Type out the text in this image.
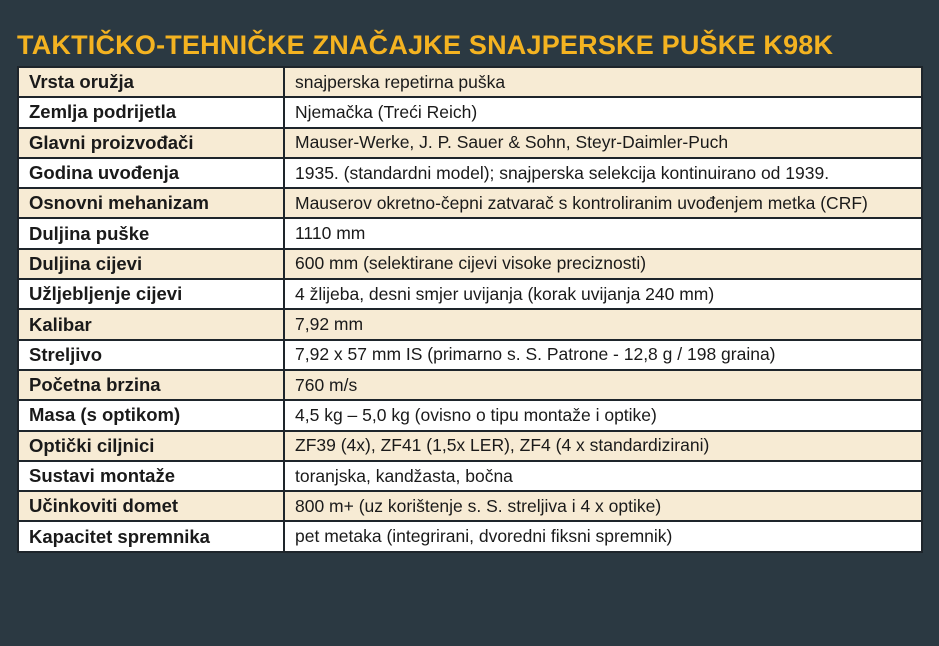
TAKTIČKO-TEHNIČKE ZNAČAJKE SNAJPERSKE PUŠKE K98K
Vrsta oružja	snajperska repetirna puška
Zemlja podrijetla	Njemačka (Treći Reich)
Glavni proizvođači	Mauser-Werke, J. P. Sauer & Sohn, Steyr-Daimler-Puch
Godina uvođenja	1935. (standardni model); snajperska selekcija kontinuirano od 1939.
Osnovni mehanizam	Mauserov okretno-čepni zatvarač s kontroliranim uvođenjem metka (CRF)
Duljina puške	1110 mm
Duljina cijevi	600 mm (selektirane cijevi visoke preciznosti)
Užljebljenje cijevi	4 žlijeba, desni smjer uvijanja (korak uvijanja 240 mm)
Kalibar	7,92 mm
Streljivo	7,92 x 57 mm IS (primarno s. S. Patrone - 12,8 g / 198 graina)
Početna brzina	760 m/s
Masa (s optikom)	4,5 kg – 5,0 kg (ovisno o tipu montaže i optike)
Optički ciljnici	ZF39 (4x), ZF41 (1,5x LER), ZF4 (4 x standardizirani)
Sustavi montaže	toranjska, kandžasta, bočna
Učinkoviti domet	800 m+ (uz korištenje s. S. streljiva i 4 x optike)
Kapacitet spremnika	pet metaka (integrirani, dvoredni fiksni spremnik)
